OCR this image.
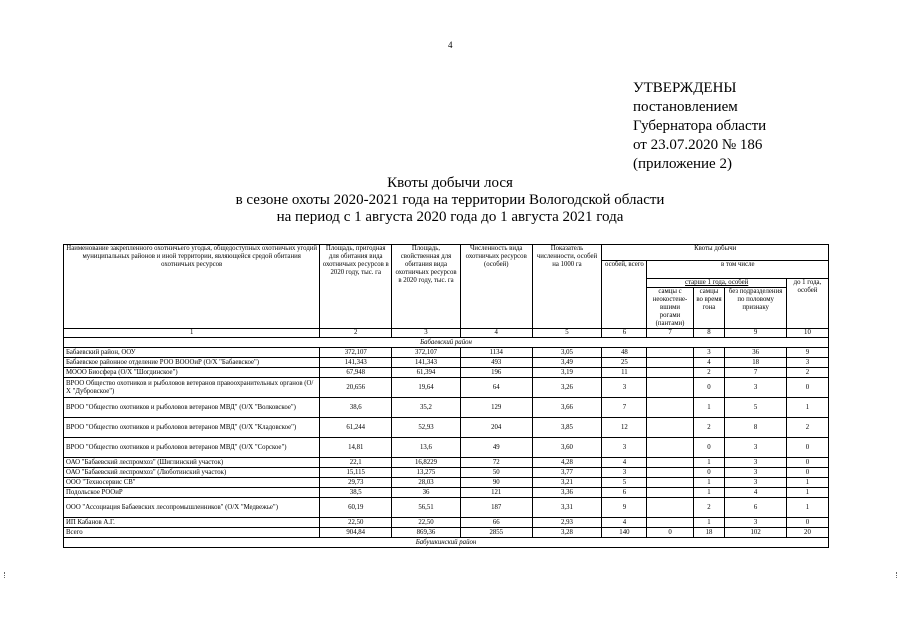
4
УТВЕРЖДЕНЫ
постановлением
Губернатора области
от 23.07.2020 № 186
(приложение 2)
Квоты добычи лося
в сезоне охоты 2020-2021 года на территории Вологодской области
на период с 1 августа 2020 года до 1 августа 2021 года
Наименование закрепленного охотничьего угодья, общедоступных охотничьих угодий муниципальных районов и иной территории, являющейся средой обитания охотничьих ресурсов	Площадь, пригодная для обитания вида охотничьих ресурсов в 2020 году, тыс. га	Площадь, свойственная для обитания вида охотничьих ресурсов в 2020 году, тыс. га	Численность вида охотничьих ресурсов (особей)	Показатель численности, особей на 1000 га	Квоты добычи				
					особей, всего	в том числе			
						старше 1 года, особей			до 1 года, особей
						самцы с неокостене-вшими рогами (пантами)	самцы во время гона	без подразделения по половому признаку	
1	2	3	4	5	6	7	8	9	10
Бабаевский район									
Бабаевский район, ООУ	372,107	372,107	1134	3,05	48		3	36	9
Бабаевское районное отделение РОО ВОООиР (О/Х "Бабаевское")	141,343	141,343	493	3,49	25		4	18	3
МООО Биосфера (О/Х "Шогдинское")	67,948	61,394	196	3,19	11		2	7	2
ВРОО Общество охотников и рыболовов ветеранов правоохранительных органов (О/Х "Дубровское")	20,656	19,64	64	3,26	3		0	3	0
ВРОО "Общество охотников и рыболовов ветеранов МВД" (О/Х "Волковское")	38,6	35,2	129	3,66	7		1	5	1
ВРОО "Общество охотников и рыболовов ветеранов МВД" (О/Х "Кладовское")	61,244	52,93	204	3,85	12		2	8	2
ВРОО "Общество охотников и рыболовов ветеранов МВД" (О/Х "Сорское")	14,81	13,6	49	3,60	3		0	3	0
ОАО "Бабаевский леспромхоз" (Шиглинский участок)	22,1	16,8229	72	4,28	4		1	3	0
ОАО "Бабаевский леспромхоз" (Люботинский участок)	15,115	13,275	50	3,77	3		0	3	0
ООО "Техносервис СВ"	29,73	28,03	90	3,21	5		1	3	1
Подольское РООиР	38,5	36	121	3,36	6		1	4	1
ООО "Ассоциация Бабаевских лесопромышленников" (О/Х "Медвежье")	60,19	56,51	187	3,31	9		2	6	1
ИП Кабанов А.Г.	22,50	22,50	66	2,93	4		1	3	0
Всего	904,84	869,36	2855	3,28	140	0	18	102	20
Бабушкинский район									
